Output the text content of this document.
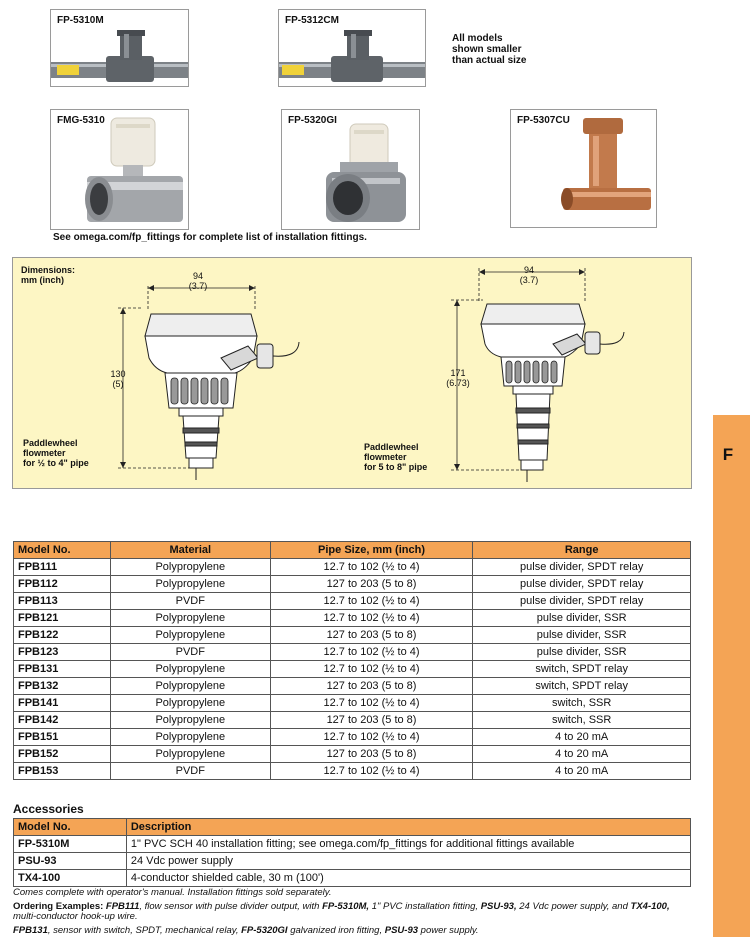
FP-5310M	FP-5312CM
All models
shown smaller
than actual size
FMG-5310	FP-5320GI	FP-5307CU
See omega.com/fp_fittings for complete list of installation fittings.
Dimensions:
mm (inch)	94
(3.7)
130
(5)
Paddlewheel
flowmeter
for ½ to 4" pipe
94
(3.7)
171
(6.73)
Paddlewheel
flowmeter
for 5 to 8" pipe
F
Model No.	Material	Pipe Size, mm (inch)	Range
FPB111	Polypropylene	12.7 to 102 (½ to 4)	pulse divider, SPDT relay
FPB112	Polypropylene	127 to 203 (5 to 8)	pulse divider, SPDT relay
FPB113	PVDF	12.7 to 102 (½ to 4)	pulse divider, SPDT relay
FPB121	Polypropylene	12.7 to 102 (½ to 4)	pulse divider, SSR
FPB122	Polypropylene	127 to 203 (5 to 8)	pulse divider, SSR
FPB123	PVDF	12.7 to 102 (½ to 4)	pulse divider, SSR
FPB131	Polypropylene	12.7 to 102 (½ to 4)	switch, SPDT relay
FPB132	Polypropylene	127 to 203 (5 to 8)	switch, SPDT relay
FPB141	Polypropylene	12.7 to 102 (½ to 4)	switch, SSR
FPB142	Polypropylene	127 to 203 (5 to 8)	switch, SSR
FPB151	Polypropylene	12.7 to 102 (½ to 4)	4 to 20 mA
FPB152	Polypropylene	127 to 203 (5 to 8)	4 to 20 mA
FPB153	PVDF	12.7 to 102 (½ to 4)	4 to 20 mA
Accessories
Model No.	Description
FP-5310M	1" PVC SCH 40 installation fitting; see omega.com/fp_fittings for additional fittings available
PSU-93	24 Vdc power supply
TX4-100	4-conductor shielded cable, 30 m (100')
Comes complete with operator's manual. Installation fittings sold separately.
Ordering Examples: FPB111, flow sensor with pulse divider output, with FP-5310M, 1" PVC installation fitting, PSU-93, 24 Vdc power supply, and TX4-100, multi-conductor hook-up wire.
FPB131, sensor with switch, SPDT, mechanical relay, FP-5320GI galvanized iron fitting, PSU-93 power supply.
